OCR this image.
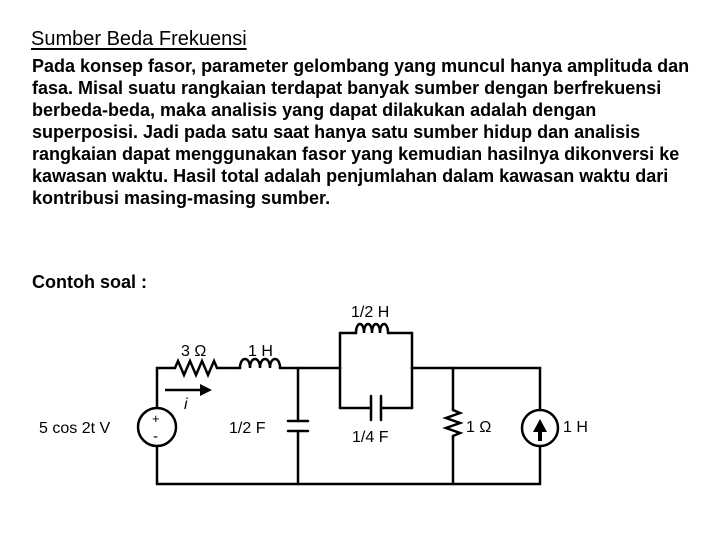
Sumber Beda Frekuensi

Pada konsep fasor, parameter gelombang yang muncul hanya amplituda dan fasa. Misal suatu rangkaian terdapat banyak sumber dengan berfrekuensi berbeda-beda, maka analisis yang dapat dilakukan adalah dengan superposisi. Jadi pada satu saat hanya satu sumber hidup dan analisis rangkaian dapat menggunakan fasor yang kemudian hasilnya dikonversi ke kawasan waktu. Hasil total adalah penjumlahan dalam kawasan waktu dari kontribusi masing-masing sumber.

Contoh soal :

+
-
5 cos 2t V
3 Ω	1 H
i
1/2 F
1/2 H
1/4 F
1 Ω	1 H
